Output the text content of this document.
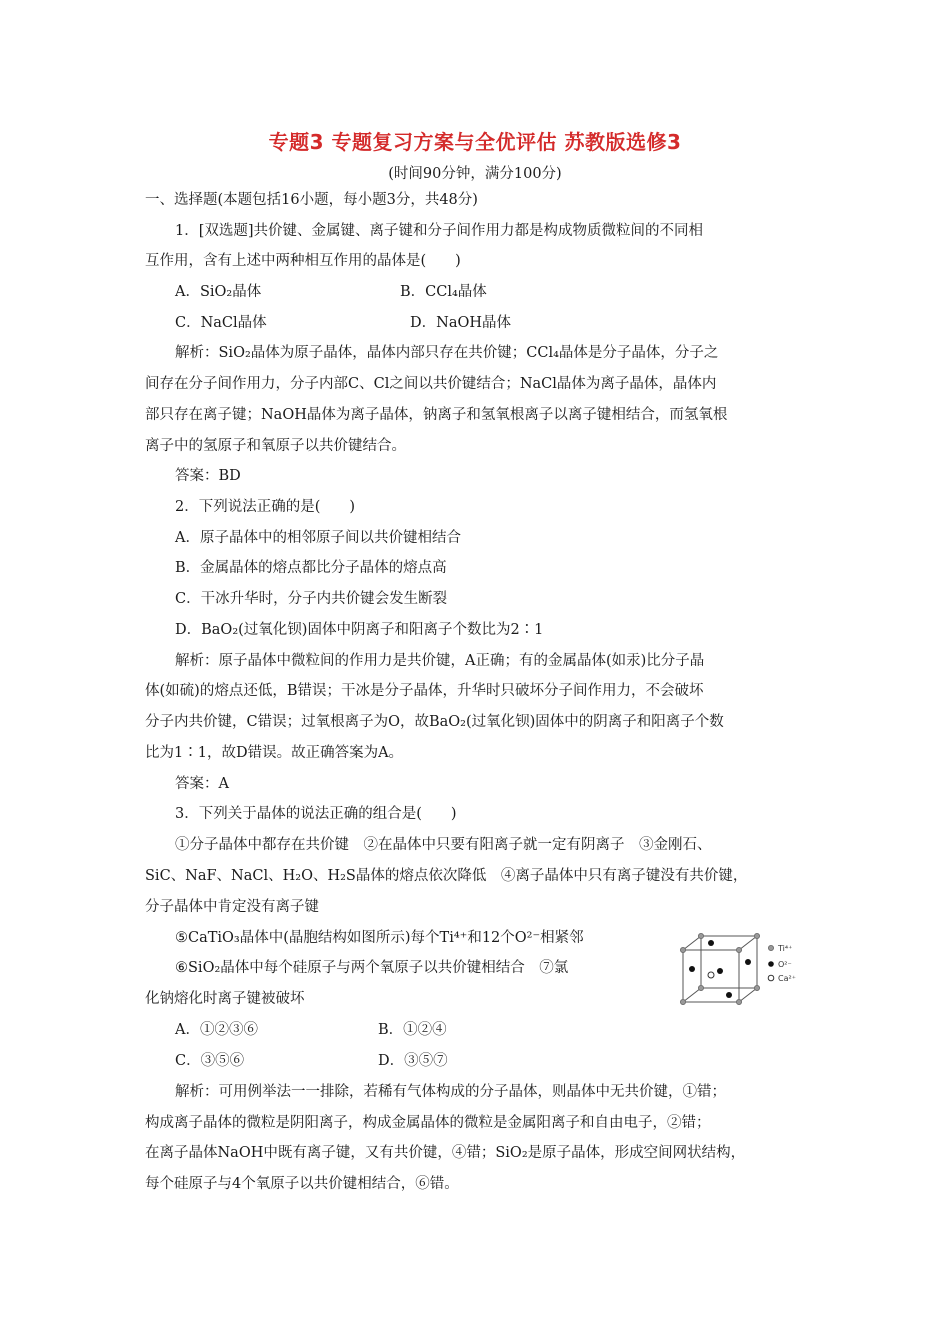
专题3 专题复习方案与全优评估 苏教版选修3
(时间90分钟，满分100分)
一、选择题(本题包括16小题，每小题3分，共48分)
1．[双选题]共价键、金属键、离子键和分子间作用力都是构成物质微粒间的不同相
互作用，含有上述中两种相互作用的晶体是(　　)
A．SiO₂晶体	B．CCl₄晶体
C．NaCl晶体	D．NaOH晶体
解析：SiO₂晶体为原子晶体，晶体内部只存在共价键；CCl₄晶体是分子晶体，分子之
间存在分子间作用力，分子内部C、Cl之间以共价键结合；NaCl晶体为离子晶体，晶体内
部只存在离子键；NaOH晶体为离子晶体，钠离子和氢氧根离子以离子键相结合，而氢氧根
离子中的氢原子和氧原子以共价键结合。
答案：BD
2．下列说法正确的是(　　)
A．原子晶体中的相邻原子间以共价键相结合
B．金属晶体的熔点都比分子晶体的熔点高
C．干冰升华时，分子内共价键会发生断裂
D．BaO₂(过氧化钡)固体中阴离子和阳离子个数比为2∶1
解析：原子晶体中微粒间的作用力是共价键，A正确；有的金属晶体(如汞)比分子晶
体(如硫)的熔点还低，B错误；干冰是分子晶体，升华时只破坏分子间作用力，不会破坏
分子内共价键，C错误；过氧根离子为O，故BaO₂(过氧化钡)固体中的阴离子和阳离子个数
比为1∶1，故D错误。故正确答案为A。
答案：A
3．下列关于晶体的说法正确的组合是(　　)
①分子晶体中都存在共价键　②在晶体中只要有阳离子就一定有阴离子　③金刚石、
SiC、NaF、NaCl、H₂O、H₂S晶体的熔点依次降低　④离子晶体中只有离子键没有共价键，
分子晶体中肯定没有离子键
⑤CaTiO₃晶体中(晶胞结构如图所示)每个Ti⁴⁺和12个O²⁻相紧邻
⑥SiO₂晶体中每个硅原子与两个氧原子以共价键相结合　⑦氯
化钠熔化时离子键被破坏
Ti⁴⁺
O²⁻
Ca²⁺
A．①②③⑥	B．①②④
C．③⑤⑥	D．③⑤⑦
解析：可用例举法一一排除，若稀有气体构成的分子晶体，则晶体中无共价键，①错；
构成离子晶体的微粒是阴阳离子，构成金属晶体的微粒是金属阳离子和自由电子，②错；
在离子晶体NaOH中既有离子键，又有共价键，④错；SiO₂是原子晶体，形成空间网状结构，
每个硅原子与4个氧原子以共价键相结合，⑥错。
